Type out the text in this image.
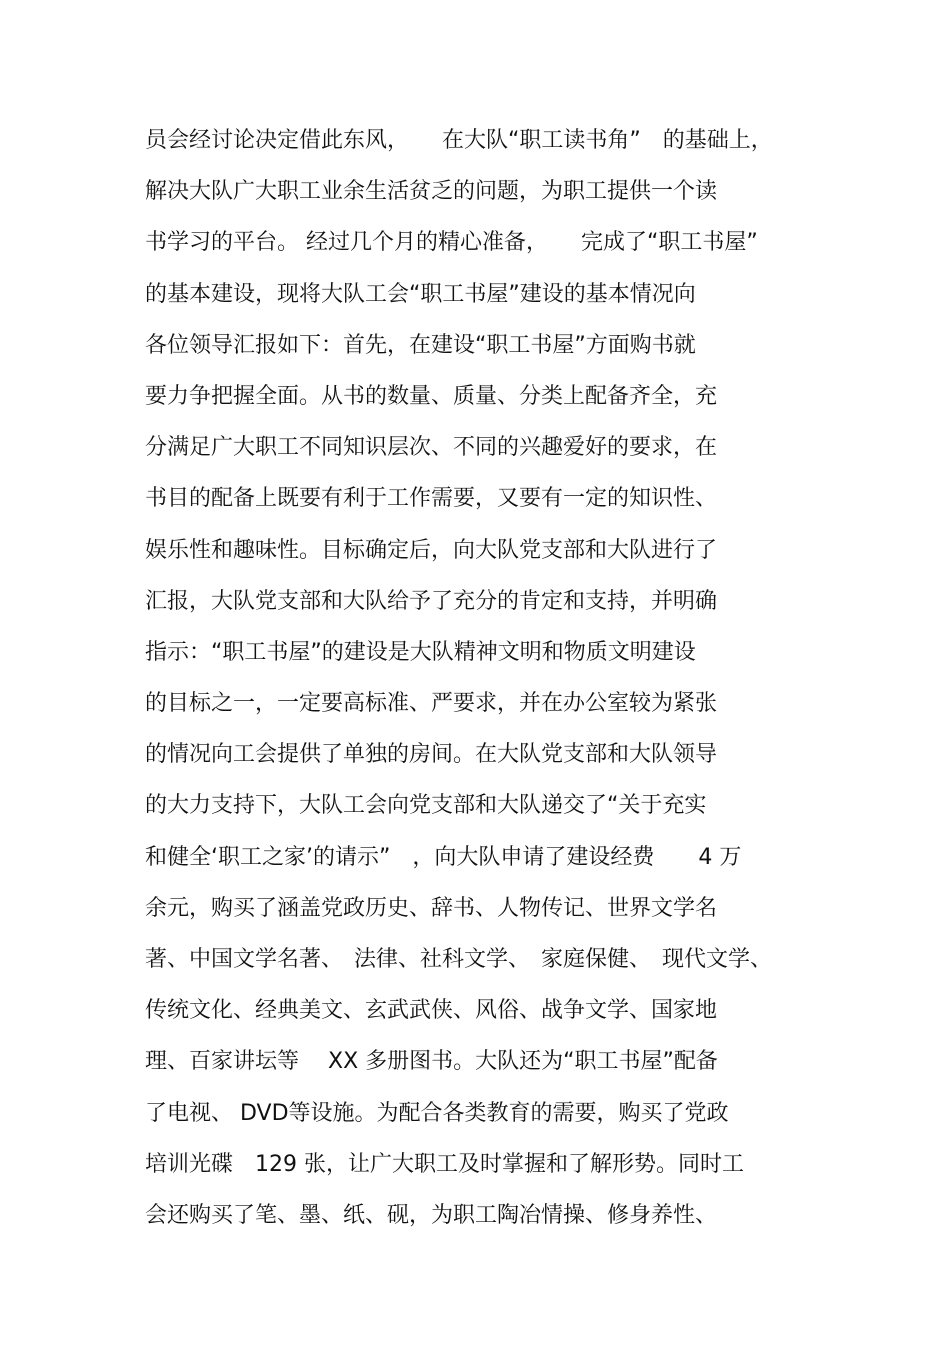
员会经讨论决定借此东风，　　在大队“职工读书角”　的基础上，
解决大队广大职工业余生活贫乏的问题，为职工提供一个读
书学习的平台。 经过几个月的精心准备，　　完成了“职工书屋”
的基本建设，现将大队工会“职工书屋”建设的基本情况向
各位领导汇报如下：首先，在建设“职工书屋”方面购书就
要力争把握全面。从书的数量、质量、分类上配备齐全，充
分满足广大职工不同知识层次、不同的兴趣爱好的要求，在
书目的配备上既要有利于工作需要，又要有一定的知识性、
娱乐性和趣味性。目标确定后，向大队党支部和大队进行了
汇报，大队党支部和大队给予了充分的肯定和支持，并明确
指示：“职工书屋”的建设是大队精神文明和物质文明建设
的目标之一，一定要高标准、严要求，并在办公室较为紧张
的情况向工会提供了单独的房间。在大队党支部和大队领导
的大力支持下，大队工会向党支部和大队递交了“关于充实
和健全‘职工之家’的请示”　，向大队申请了建设经费　　4 万
余元，购买了涵盖党政历史、辞书、人物传记、世界文学名
著、中国文学名著、　法律、社科文学、　家庭保健、　现代文学、
传统文化、经典美文、玄武武侠、风俗、战争文学、国家地
理、百家讲坛等　 XX 多册图书。大队还为“职工书屋”配备
了电视、 DVD等设施。为配合各类教育的需要，购买了党政
培训光碟　129 张，让广大职工及时掌握和了解形势。同时工
会还购买了笔、墨、纸、砚，为职工陶冶情操、修身养性、
